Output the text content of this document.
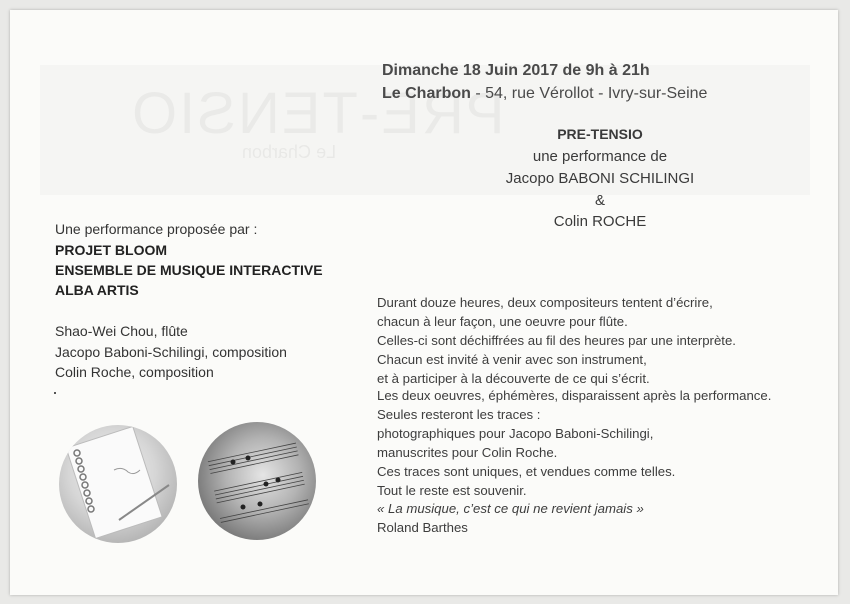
Le Charbon
Dimanche 18 Juin 2017 de 9h à 21h
Le Charbon - 54, rue Vérollot - Ivry-sur-Seine
PRE-TENSIO
une performance de
Jacopo BABONI SCHILINGI
&
Colin ROCHE
Une performance proposée par :
PROJET BLOOM
ENSEMBLE DE MUSIQUE INTERACTIVE
ALBA ARTIS
Shao-Wei Chou, flûte
Jacopo Baboni-Schilingi, composition
Colin Roche, composition
Durant douze heures, deux compositeurs tentent d’écrire,
chacun à leur façon, une oeuvre pour flûte.
Celles-ci sont déchiffrées au fil des heures par une interprète.
Chacun est invité à venir avec son instrument,
et à participer à la découverte de ce qui s’écrit.
Les deux oeuvres, éphémères, disparaissent après la performance.
Seules resteront les traces :
photographiques pour Jacopo Baboni-Schilingi,
manuscrites pour Colin Roche.
Ces traces sont uniques, et vendues comme telles.
Tout le reste est souvenir.
« La musique, c’est ce qui ne revient jamais »
Roland Barthes
